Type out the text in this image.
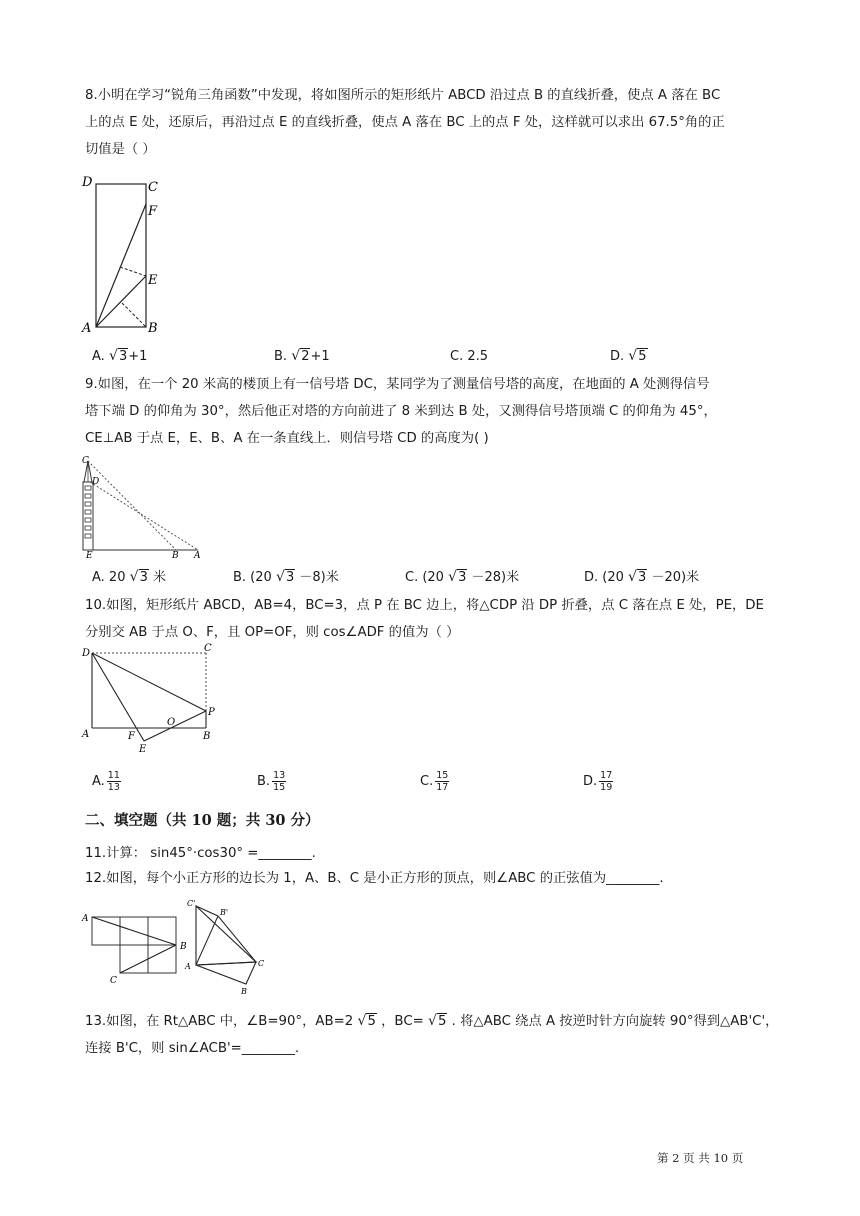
8.小明在学习“锐角三角函数”中发现，将如图所示的矩形纸片 ABCD 沿过点 B 的直线折叠，使点 A 落在 BC
上的点 E 处，还原后，再沿过点 E 的直线折叠，使点 A 落在 BC 上的点 F 处，这样就可以求出 67.5°角的正
切值是（ ）
D	C
F
E
A	B
A. √ 3+1	B. √ 2+1	C. 2.5	D. √ 5
9.如图，在一个 20 米高的楼顶上有一信号塔 DC，某同学为了测量信号塔的高度，在地面的 A 处测得信号
塔下端 D 的仰角为 30°，然后他正对塔的方向前进了 8 米到达 B 处，又测得信号塔顶端 C 的仰角为 45°，
CE⊥AB 于点 E，E、B、A 在一条直线上．则信号塔 CD 的高度为( )
C
D
E	B A
A. 20 √ 3 米	B. (20 √ 3 －8)米	C. (20 √ 3 －28)米	D. (20 √ 3 －20)米
10.如图，矩形纸片 ABCD，AB=4，BC=3，点 P 在 BC 边上，将△CDP 沿 DP 折叠，点 C 落在点 E 处，PE，DE
分别交 AB 于点 O、F，且 OP=OF，则 cos∠ADF 的值为（ ）
D	C
P
O
A	F
E
B
A. $\frac{11}{13}$	B. $\frac{13}{15}$	C. $\frac{15}{17}$	D. $\frac{17}{19}$
二、填空题（共 10 题；共 30 分）
11.计算： sin45°·cos30° =________.
12.如图，每个小正方形的边长为 1，A、B、C 是小正方形的顶点，则∠ABC 的正弦值为________.
A
B
C
C'
B'
A	C
B
13.如图，在 Rt△ABC 中，∠B=90°，AB=2 √ 5 ，BC= √ 5 . 将△ABC 绕点 A 按逆时针方向旋转 90°得到△AB'C'，
连接 B'C，则 sin∠ACB'=________.
第 2 页 共 10 页
